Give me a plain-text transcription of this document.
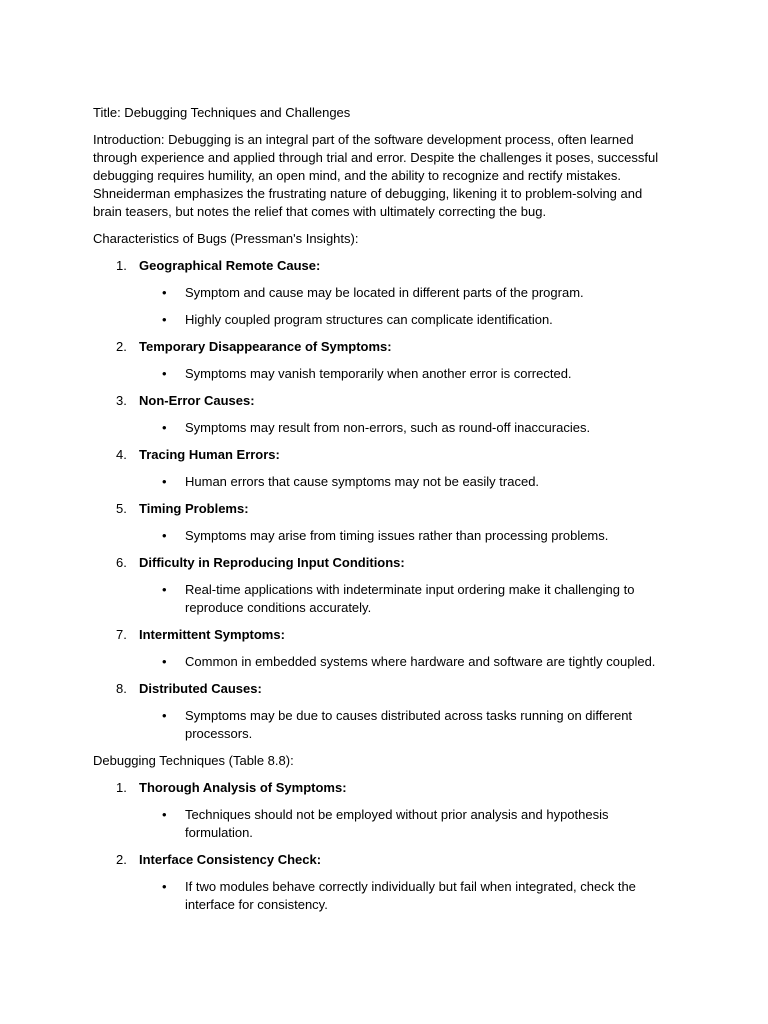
Title: Debugging Techniques and Challenges

Introduction: Debugging is an integral part of the software development process, often learned through experience and applied through trial and error. Despite the challenges it poses, successful debugging requires humility, an open mind, and the ability to recognize and rectify mistakes. Shneiderman emphasizes the frustrating nature of debugging, likening it to problem-solving and brain teasers, but notes the relief that comes with ultimately correcting the bug.

Characteristics of Bugs (Pressman's Insights):

1. Geographical Remote Cause:
• Symptom and cause may be located in different parts of the program.
• Highly coupled program structures can complicate identification.
2. Temporary Disappearance of Symptoms:
• Symptoms may vanish temporarily when another error is corrected.
3. Non-Error Causes:
• Symptoms may result from non-errors, such as round-off inaccuracies.
4. Tracing Human Errors:
• Human errors that cause symptoms may not be easily traced.
5. Timing Problems:
• Symptoms may arise from timing issues rather than processing problems.
6. Difficulty in Reproducing Input Conditions:
• Real-time applications with indeterminate input ordering make it challenging to reproduce conditions accurately.
7. Intermittent Symptoms:
• Common in embedded systems where hardware and software are tightly coupled.
8. Distributed Causes:
• Symptoms may be due to causes distributed across tasks running on different processors.

Debugging Techniques (Table 8.8):

1. Thorough Analysis of Symptoms:
• Techniques should not be employed without prior analysis and hypothesis formulation.
2. Interface Consistency Check:
• If two modules behave correctly individually but fail when integrated, check the interface for consistency.
